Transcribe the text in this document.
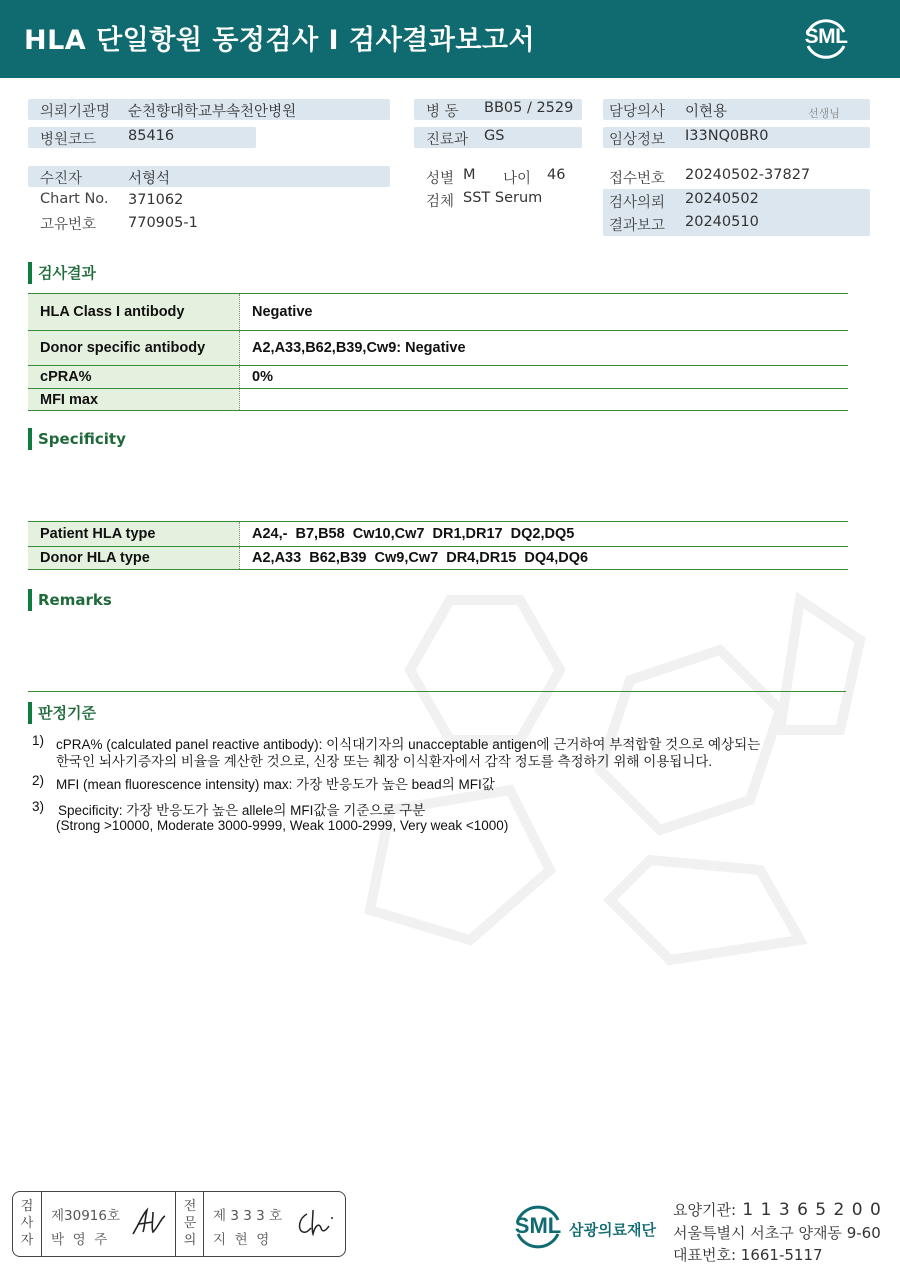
HLA 단일항원 동정검사 I 검사결과보고서	SML
의뢰기관명 순천향대학교부속천안병원
병원코드 85416
병 동 BB05 / 2529
진료과 GS
담당의사 이현용	선생님
임상정보 I33NQ0BR0
수진자	서형석
Chart No. 371062
고유번호 770905-1
성별 M 나이 46
검체 SST Serum
접수번호 20240502-37827
검사의뢰 20240502
결과보고 20240510
검사결과
HLA Class I antibody	Negative
Donor specific antibody	A2,A33,B62,B39,Cw9: Negative
cPRA%	0%
MFI max
Specificity
Patient HLA type	A24,-  B7,B58  Cw10,Cw7  DR1,DR17  DQ2,DQ5
Donor HLA type	A2,A33  B62,B39  Cw9,Cw7  DR4,DR15  DQ4,DQ6
Remarks
판정기준
1) cPRA% (calculated panel reactive antibody): 이식대기자의 unacceptable antigen에 근거하여 부적합할 것으로 예상되는
한국인 뇌사기증자의 비율을 계산한 것으로, 신장 또는 췌장 이식환자에서 감작 정도를 측정하기 위해 이용됩니다.
2) MFI (mean fluorescence intensity) max: 가장 반응도가 높은 bead의 MFI값
3) Specificity: 가장 반응도가 높은 allele의 MFI값을 기준으로 구분
(Strong >10000, Moderate 3000-9999, Weak 1000-2999, Very weak <1000)
검
사
자
제30916호
박  영  주
전
문
의
제 3 3 3 호
지  현  영
SML 삼광의료재단
요양기관: 1 1 3 6 5 2 0 0
서울특별시 서초구 양재동 9-60
대표번호: 1661-5117
